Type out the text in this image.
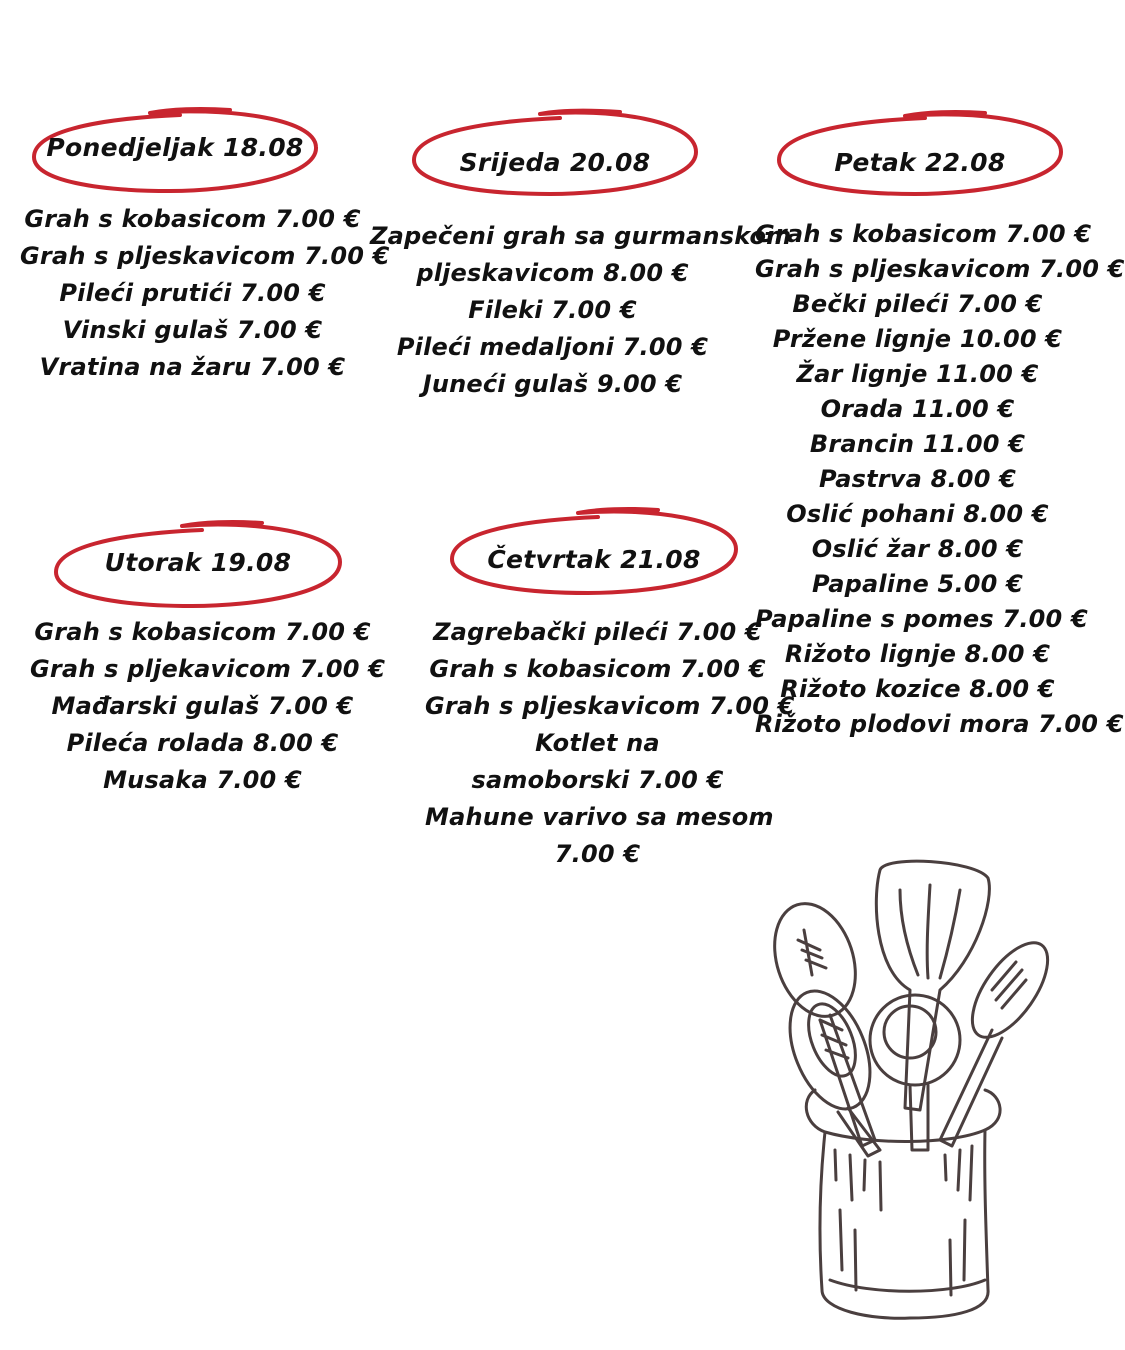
Ponedjeljak 18.08
Grah s kobasicom 7.00 €
Grah s pljeskavicom 7.00 €
Pileći prutići 7.00 €
Vinski gulaš 7.00 €
Vratina na žaru 7.00 €
Srijeda 20.08
Zapečeni grah sa gurmanskom
pljeskavicom 8.00 €
Fileki 7.00 €
Pileći medaljoni 7.00 €
Juneći gulaš 9.00 €
Petak 22.08
Grah s kobasicom 7.00 €
Grah s pljeskavicom 7.00 €
Bečki pileći 7.00 €
Pržene lignje 10.00 €
Žar lignje 11.00 €
Orada 11.00 €
Brancin 11.00 €
Pastrva 8.00 €
Oslić pohani 8.00 €
Oslić žar 8.00 €
Papaline 5.00 €
Papaline s pomes 7.00 €
Rižoto lignje 8.00 €
Rižoto kozice 8.00 €
Rižoto plodovi mora 7.00 €
Utorak 19.08
Grah s kobasicom 7.00 €
Grah s pljekavicom 7.00 €
Mađarski gulaš 7.00 €
Pileća rolada 8.00 €
Musaka 7.00 €
Četvrtak 21.08
Zagrebački pileći 7.00 €
Grah s kobasicom 7.00 €
Grah s pljeskavicom 7.00 €
Kotlet na
samoborski 7.00 €
Mahune varivo sa mesom
7.00 €
